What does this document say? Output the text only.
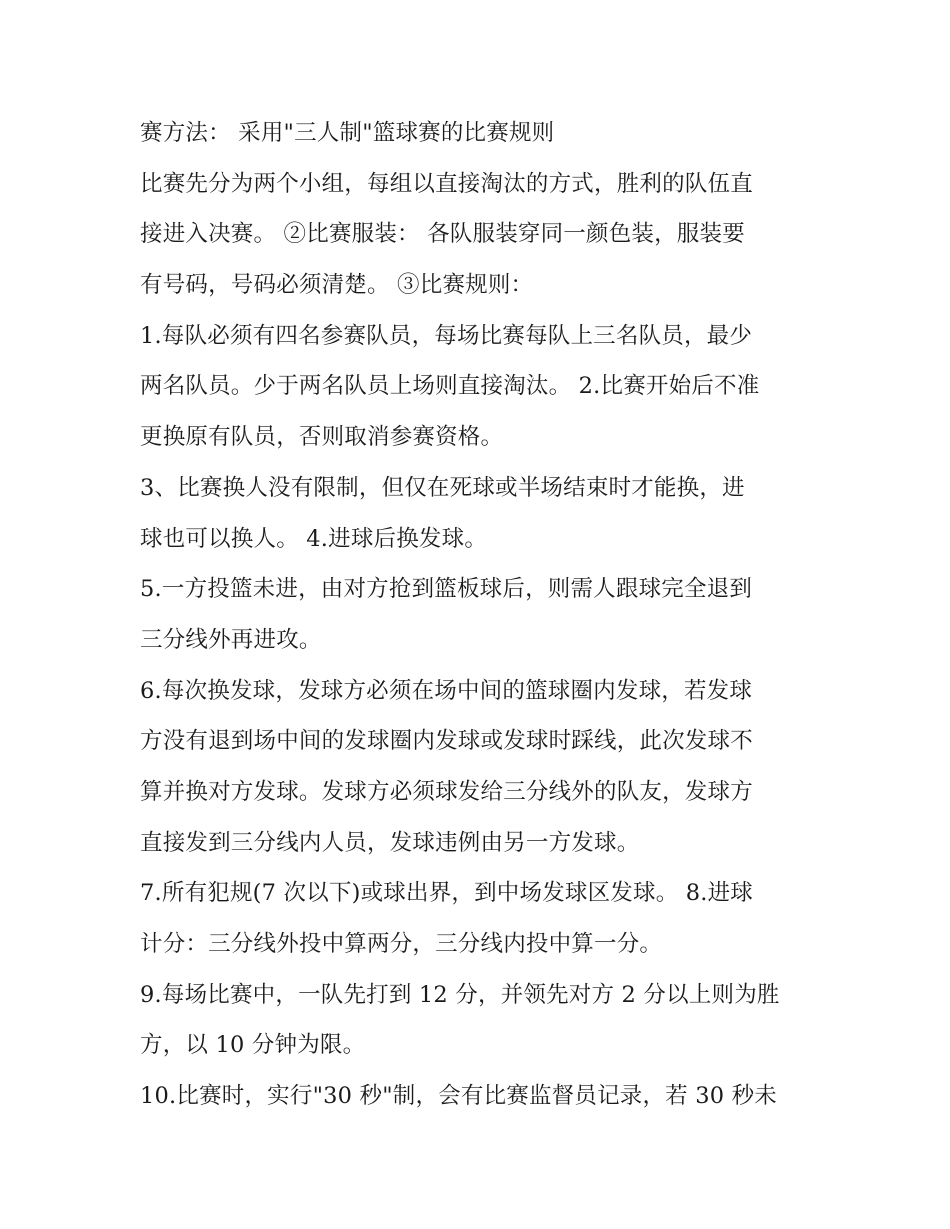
赛方法： 采用"三人制"篮球赛的比赛规则
比赛先分为两个小组，每组以直接淘汰的方式，胜利的队伍直
接进入决赛。 ②比赛服装： 各队服装穿同一颜色装，服装要
有号码，号码必须清楚。 ③比赛规则：
1.每队必须有四名参赛队员，每场比赛每队上三名队员，最少
两名队员。少于两名队员上场则直接淘汰。 2.比赛开始后不准
更换原有队员，否则取消参赛资格。
3、比赛换人没有限制，但仅在死球或半场结束时才能换，进
球也可以换人。 4.进球后换发球。
5.一方投篮未进，由对方抢到篮板球后，则需人跟球完全退到
三分线外再进攻。
6.每次换发球，发球方必须在场中间的篮球圈内发球，若发球
方没有退到场中间的发球圈内发球或发球时踩线，此次发球不
算并换对方发球。发球方必须球发给三分线外的队友，发球方
直接发到三分线内人员，发球违例由另一方发球。
7.所有犯规(7 次以下)或球出界，到中场发球区发球。 8.进球
计分：三分线外投中算两分，三分线内投中算一分。
9.每场比赛中，一队先打到 12 分，并领先对方 2 分以上则为胜
方，以 10 分钟为限。
10.比赛时，实行"30 秒"制，会有比赛监督员记录，若 30 秒未
